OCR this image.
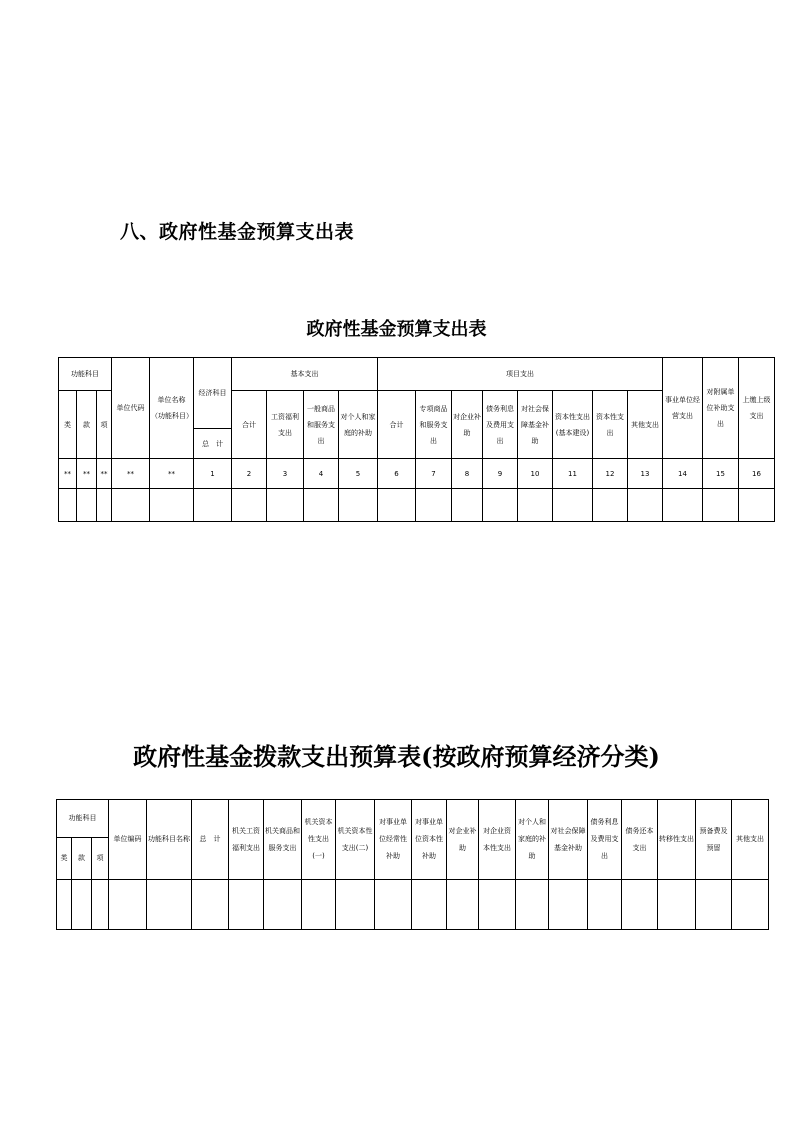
八、政府性基金预算支出表
政府性基金预算支出表
功能科目			单位代码	单位名称（功能科目）	经济科目	基本支出				项目支出								事业单位经营支出	对附属单位补助支出	上缴上级支出
类	款	项				合计	工资福利支出	一般商品和服务支出	对个人和家庭的补助	合计	专项商品和服务支出	对企业补助	债务利息及费用支出	对社会保障基金补助	资本性支出(基本建设)	资本性支出	其他支出			
					总　计															
**	**	**	**	**	1	2	3	4	5	6	7	8	9	10	11	12	13	14	15	16

政府性基金拨款支出预算表(按政府预算经济分类)
功能科目			单位编码	功能科目名称	总　计	机关工资福利支出	机关商品和服务支出	机关资本性支出(一)	机关资本性支出(二)	对事业单位经常性补助	对事业单位资本性补助	对企业补助	对企业资本性支出	对个人和家庭的补助	对社会保障基金补助	债务利息及费用支出	债务还本支出	转移性支出	预备费及预留	其他支出
类	款	项																		
